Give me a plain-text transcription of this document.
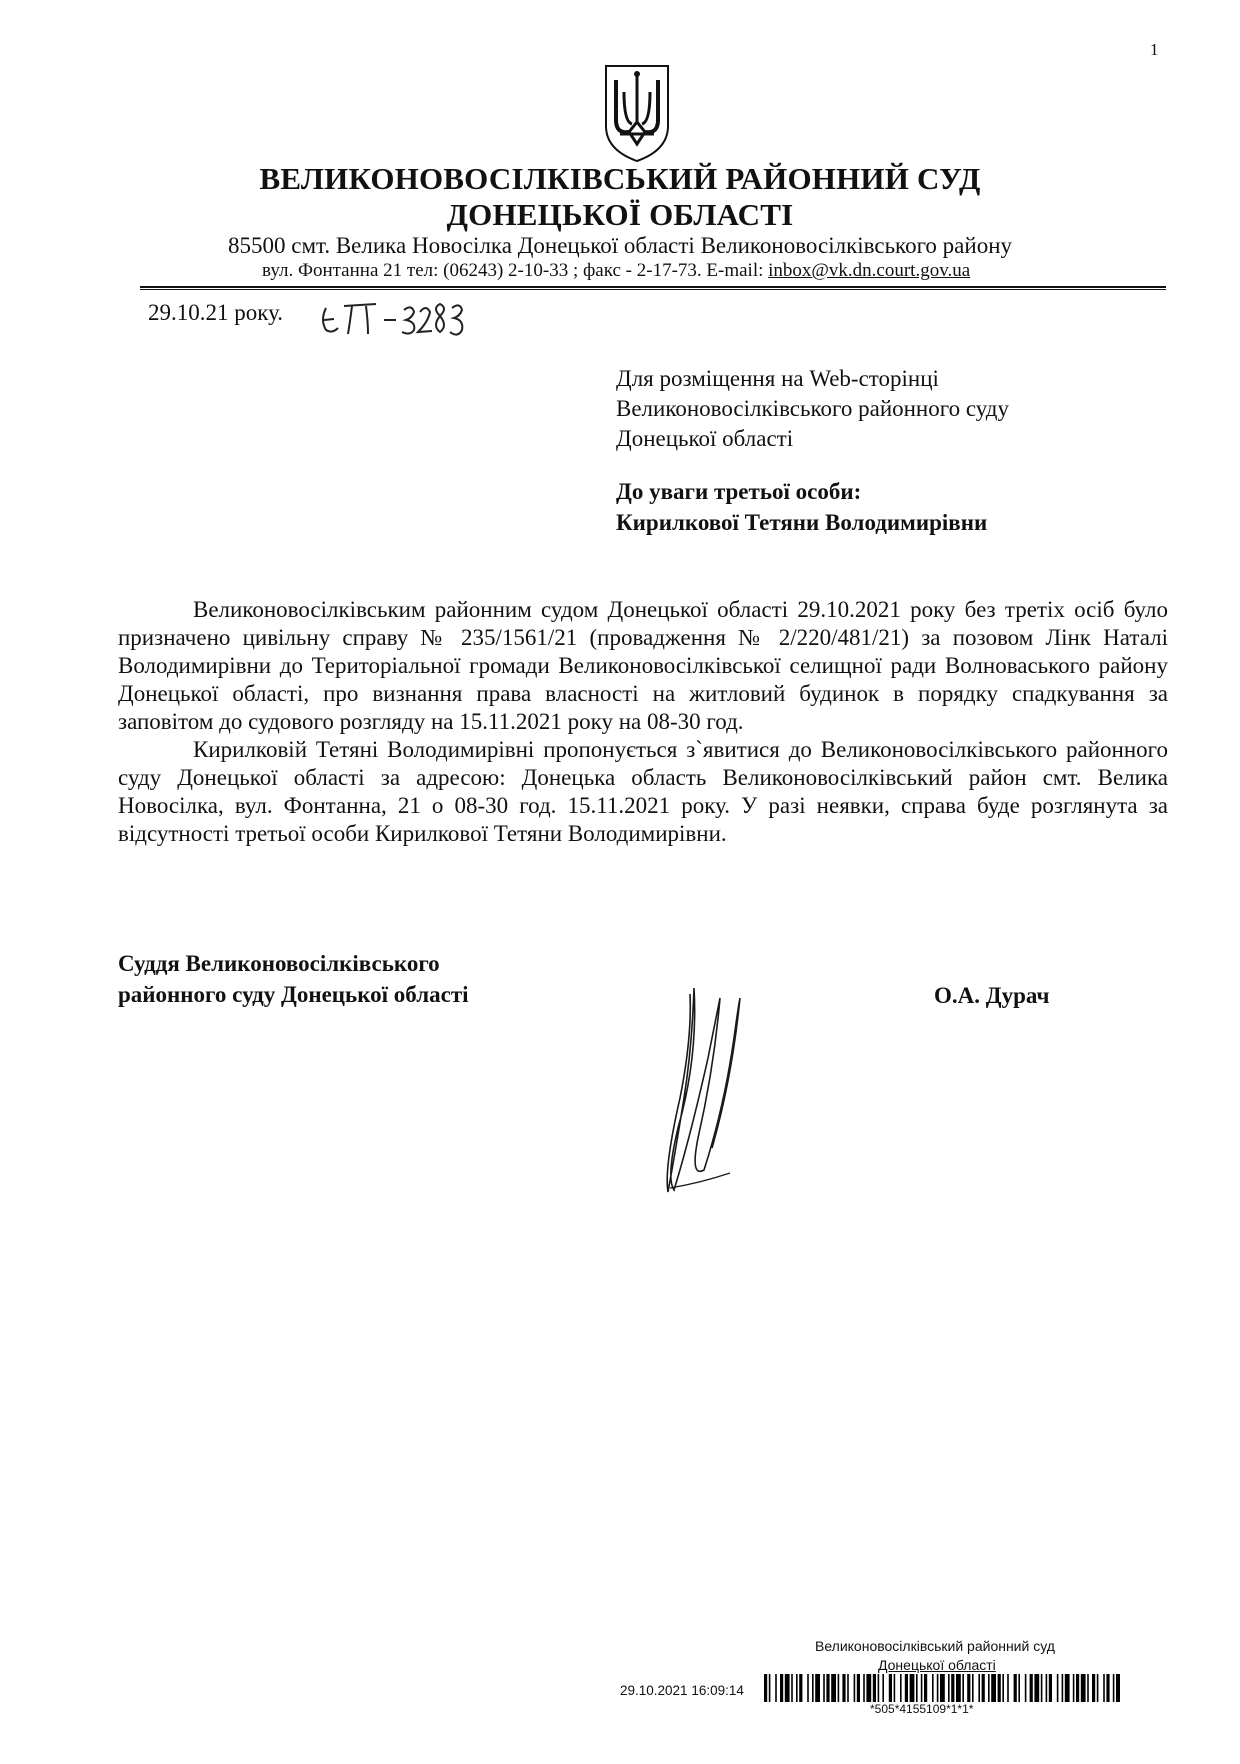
1
ВЕЛИКОНОВОСІЛКІВСЬКИЙ РАЙОННИЙ СУД
ДОНЕЦЬКОЇ ОБЛАСТІ
85500 смт. Велика Новосілка Донецької області Великоновосілківського району
вул. Фонтанна 21 тел: (06243) 2-10-33 ; факс - 2-17-73. E-mail: inbox@vk.dn.court.gov.ua
29.10.21 року.
Для розміщення на Web-сторінці
Великоновосілківського районного суду
Донецької області
До уваги третьої особи:
Кирилкової Тетяни Володимирівни

Великоновосілківським районним судом Донецької області 29.10.2021 року без третіх осіб було призначено цивільну справу № 235/1561/21 (провадження № 2/220/481/21) за позовом Лінк Наталі Володимирівни до Територіальної громади Великоновосілківської селищної ради Волноваського району Донецької області, про визнання права власності на житловий будинок в порядку спадкування за заповітом до судового розгляду на 15.11.2021 року на 08-30 год.

Кирилковій Тетяні Володимирівні пропонується з`явитися до Великоновосілківського районного суду Донецької області за адресою: Донецька область Великоновосілківський район смт. Велика Новосілка, вул. Фонтанна, 21 о 08-30 год. 15.11.2021 року. У разі неявки, справа буде розглянута за відсутності третьої особи Кирилкової Тетяни Володимирівни.

Суддя Великоновосілківського
районного суду Донецької області	О.А. Дурач
Великоновосілківський районний суд
Донецької області
29.10.2021 16:09:14
*505*4155109*1*1*
